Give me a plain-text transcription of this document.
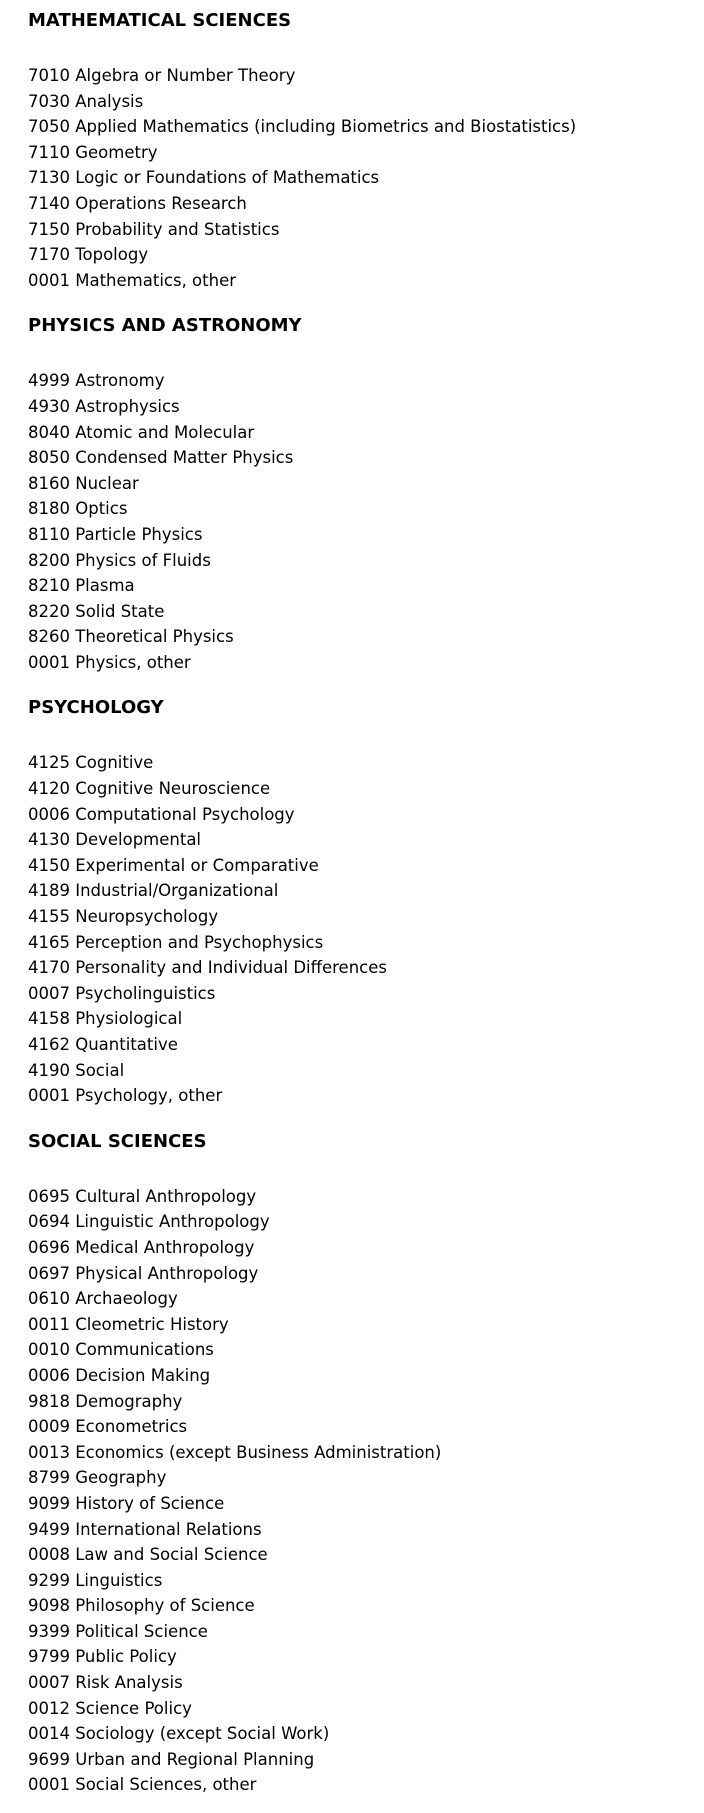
MATHEMATICAL SCIENCES
7010 Algebra or Number Theory
7030 Analysis
7050 Applied Mathematics (including Biometrics and Biostatistics)
7110 Geometry
7130 Logic or Foundations of Mathematics
7140 Operations Research
7150 Probability and Statistics
7170 Topology
0001 Mathematics, other
PHYSICS AND ASTRONOMY
4999 Astronomy
4930 Astrophysics
8040 Atomic and Molecular
8050 Condensed Matter Physics
8160 Nuclear
8180 Optics
8110 Particle Physics
8200 Physics of Fluids
8210 Plasma
8220 Solid State
8260 Theoretical Physics
0001 Physics, other
PSYCHOLOGY
4125 Cognitive
4120 Cognitive Neuroscience
0006 Computational Psychology
4130 Developmental
4150 Experimental or Comparative
4189 Industrial/Organizational
4155 Neuropsychology
4165 Perception and Psychophysics
4170 Personality and Individual Differences
0007 Psycholinguistics
4158 Physiological
4162 Quantitative
4190 Social
0001 Psychology, other
SOCIAL SCIENCES
0695 Cultural Anthropology
0694 Linguistic Anthropology
0696 Medical Anthropology
0697 Physical Anthropology
0610 Archaeology
0011 Cleometric History
0010 Communications
0006 Decision Making
9818 Demography
0009 Econometrics
0013 Economics (except Business Administration)
8799 Geography
9099 History of Science
9499 International Relations
0008 Law and Social Science
9299 Linguistics
9098 Philosophy of Science
9399 Political Science
9799 Public Policy
0007 Risk Analysis
0012 Science Policy
0014 Sociology (except Social Work)
9699 Urban and Regional Planning
0001 Social Sciences, other
